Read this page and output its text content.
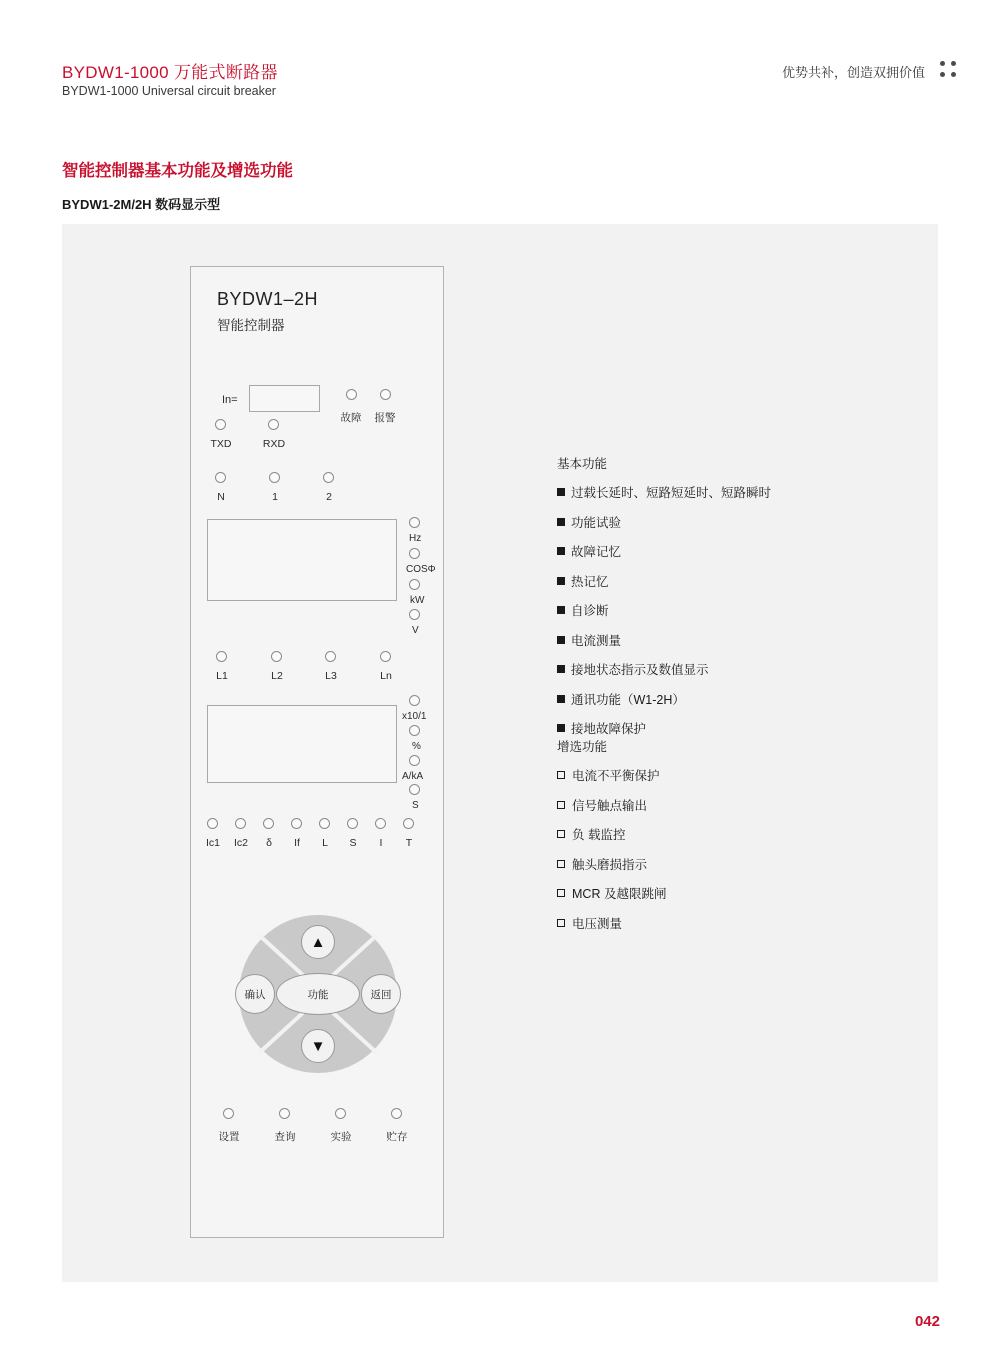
BYDW1-1000 万能式断路器
BYDW1-1000 Universal circuit breaker
优势共补，创造双拥价值
智能控制器基本功能及增选功能
BYDW1-2M/2H 数码显示型
BYDW1–2H
智能控制器
In=
故障	报警
TXD	RXD
N	1	2
Hz
COSΦ
kW
V
L1	L2	L3	Ln
x10/1
%
A/kA
S
Ic1	Ic2	δ	If	L	S	I	T
▲
▼
确认	返回
功能
设置	查询	实验	贮存
基本功能
过载长延时、短路短延时、短路瞬时
功能试验
故障记忆
热记忆
自诊断
电流测量
接地状态指示及数值显示
通讯功能（W1-2H）
接地故障保护
增选功能
电流不平衡保护
信号触点输出
负 载监控
触头磨损指示
MCR 及越限跳闸
电压测量
042
